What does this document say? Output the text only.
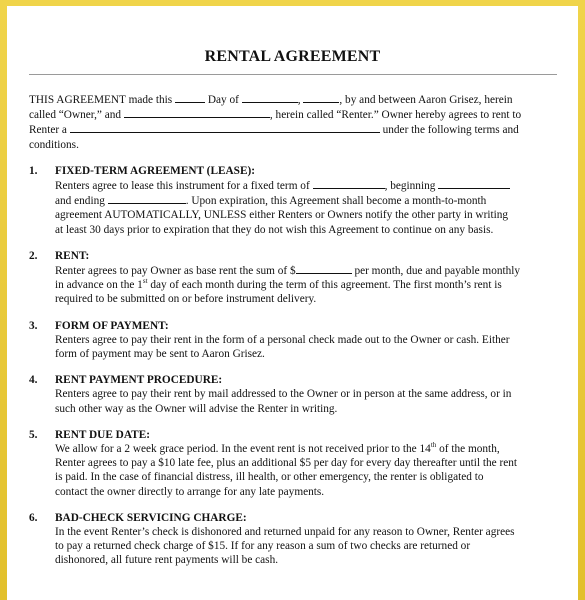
RENTAL AGREEMENT

THIS AGREEMENT made this	Day of	,	, by and between Aaron Grisez, herein

called “Owner,” and	, herein called “Renter.” Owner hereby agrees to rent to

Renter a	under the following terms and

conditions.

1.	FIXED-TERM AGREEMENT (LEASE):
Renters agree to lease this instrument for a fixed term of	, beginning
and ending	. Upon expiration, this Agreement shall become a month-to-month
agreement AUTOMATICALLY, UNLESS either Renters or Owners notify the other party in writing
at least 30 days prior to expiration that they do not wish this Agreement to continue on any basis.
2.	RENT:
Renter agrees to pay Owner as base rent the sum of $	per month, due and payable monthly
in advance on the 1st day of each month during the term of this agreement. The first month’s rent is
required to be submitted on or before instrument delivery.
3.	FORM OF PAYMENT:
Renters agree to pay their rent in the form of a personal check made out to the Owner or cash. Either
form of payment may be sent to Aaron Grisez.
4.	RENT PAYMENT PROCEDURE:
Renters agree to pay their rent by mail addressed to the Owner or in person at the same address, or in
such other way as the Owner will advise the Renter in writing.
5.	RENT DUE DATE:
We allow for a 2 week grace period. In the event rent is not received prior to the 14th of the month,
Renter agrees to pay a $10 late fee, plus an additional $5 per day for every day thereafter until the rent
is paid. In the case of financial distress, ill health, or other emergency, the renter is obligated to
contact the owner directly to arrange for any late payments.
6.	BAD-CHECK SERVICING CHARGE:
In the event Renter’s check is dishonored and returned unpaid for any reason to Owner, Renter agrees
to pay a returned check charge of $15. If for any reason a sum of two checks are returned or
dishonored, all future rent payments will be cash.
